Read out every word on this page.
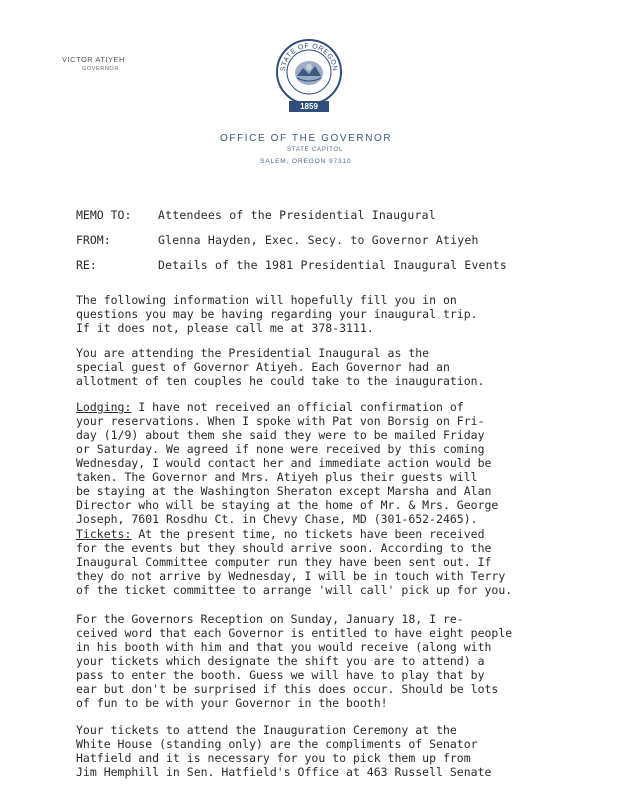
VICTOR ATIYEH
GOVERNOR	STATE OF OREGON
1859
OFFICE OF THE GOVERNOR
STATE CAPITOL
SALEM, OREGON 97310
MEMO TO: Attendees of the Presidential Inaugural
FROM:	Glenna Hayden, Exec. Secy. to Governor Atiyeh
RE:	Details of the 1981 Presidential Inaugural Events
The following information will hopefully fill you in on
questions you may be having regarding your inaugural trip.
If it does not, please call me at 378-3111.
You are attending the Presidential Inaugural as the
special guest of Governor Atiyeh. Each Governor had an
allotment of ten couples he could take to the inauguration.
Lodging: I have not received an official confirmation of
your reservations. When I spoke with Pat von Borsig on Fri-
day (1/9) about them she said they were to be mailed Friday
or Saturday. We agreed if none were received by this coming
Wednesday, I would contact her and immediate action would be
taken. The Governor and Mrs. Atiyeh plus their guests will
be staying at the Washington Sheraton except Marsha and Alan
Director who will be staying at the home of Mr. & Mrs. George
Joseph, 7601 Rosdhu Ct. in Chevy Chase, MD (301-652-2465).
Tickets: At the present time, no tickets have been received
for the events but they should arrive soon. According to the
Inaugural Committee computer run they have been sent out. If
they do not arrive by Wednesday, I will be in touch with Terry
of the ticket committee to arrange 'will call' pick up for you.
For the Governors Reception on Sunday, January 18, I re-
ceived word that each Governor is entitled to have eight people
in his booth with him and that you would receive (along with
your tickets which designate the shift you are to attend) a
pass to enter the booth. Guess we will have to play that by
ear but don't be surprised if this does occur. Should be lots
of fun to be with your Governor in the booth!
Your tickets to attend the Inauguration Ceremony at the
White House (standing only) are the compliments of Senator
Hatfield and it is necessary for you to pick them up from
Jim Hemphill in Sen. Hatfield's Office at 463 Russell Senate
